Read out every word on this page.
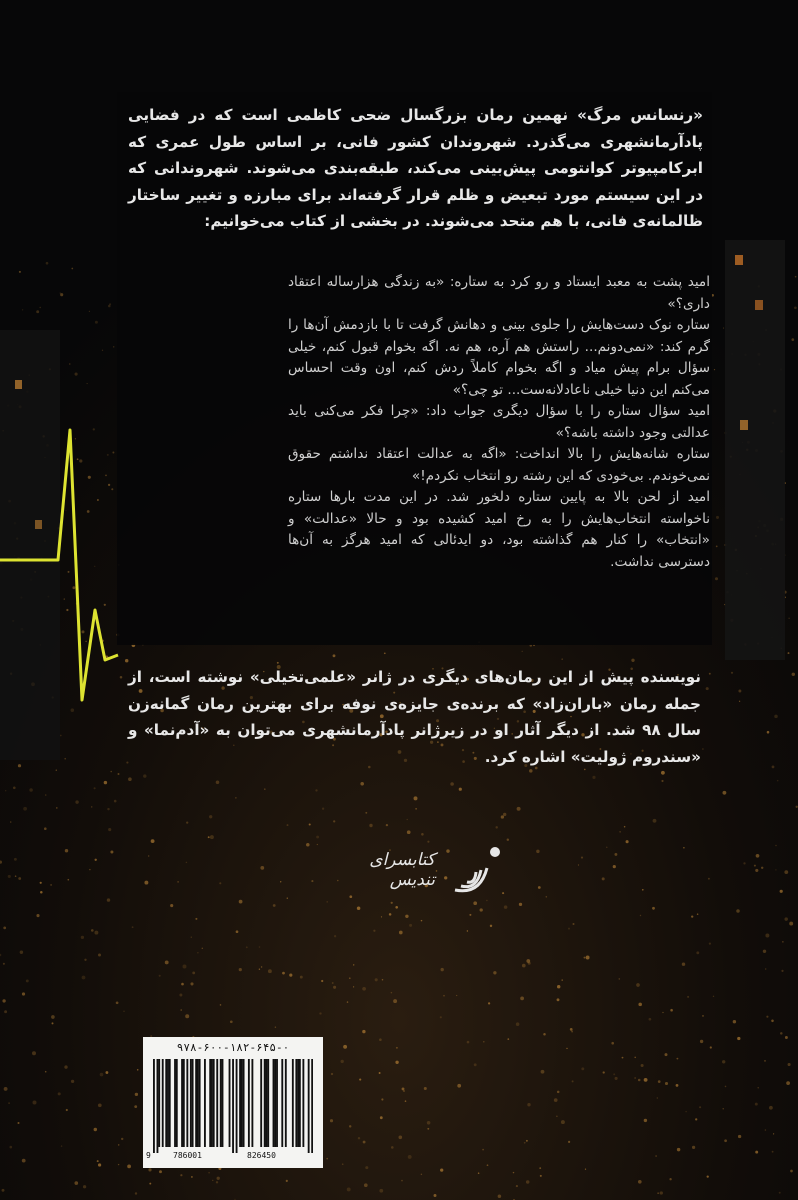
«رنسانس مرگ» نهمین رمان بزرگسال ضحی کاظمی است که در فضایی پادآرمانشهری می‌گذرد. شهروندان کشور فانی، بر اساس طول عمری که ابرکامپیوتر کوانتومی پیش‌بینی می‌کند، طبقه‌بندی می‌شوند. شهروندانی که در این سیستم مورد تبعیض و ظلم قرار گرفته‌اند برای مبارزه و تغییر ساختار ظالمانه‌ی فانی، با هم متحد می‌شوند. در بخشی از کتاب می‌خوانیم:

امید پشت به معبد ایستاد و رو کرد به ستاره: «به زندگی هزارساله اعتقاد داری؟»

ستاره نوک دست‌هایش را جلوی بینی و دهانش گرفت تا با بازدمش آن‌ها را گرم کند: «نمی‌دونم... راستش هم آره، هم نه. اگه بخوام قبول کنم، خیلی سؤال برام پیش میاد و اگه بخوام کاملاً ردش کنم، اون وقت احساس می‌کنم این دنیا خیلی ناعادلانه‌ست... تو چی؟»

امید سؤال ستاره را با سؤال دیگری جواب داد: «چرا فکر می‌کنی باید عدالتی وجود داشته باشه؟»

ستاره شانه‌هایش را بالا انداخت: «اگه به عدالت اعتقاد نداشتم حقوق نمی‌خوندم. بی‌خودی که این رشته رو انتخاب نکردم!»

امید از لحن بالا به پایین ستاره دلخور شد. در این مدت بارها ستاره ناخواسته انتخاب‌هایش را به رخ امید کشیده بود و حالا «عدالت» و «انتخاب» را کنار هم گذاشته بود، دو ایدئالی که امید هرگز به آن‌ها دسترسی نداشت.

نویسنده پیش از این رمان‌های دیگری در ژانر «علمی‌تخیلی» نوشته است، از جمله رمان «باران‌زاد» که برنده‌ی جایزه‌ی نوفه برای بهترین رمان گمانه‌زن سال ۹۸ شد. از دیگر آثار او در زیرژانر پادآرمانشهری می‌توان به «آدم‌نما» و «سندروم ژولیت» اشاره کرد.

کتابسرای
تندیس
۹۷۸-۶۰۰-۱۸۲-۶۴۵-۰
9	786001	826450
